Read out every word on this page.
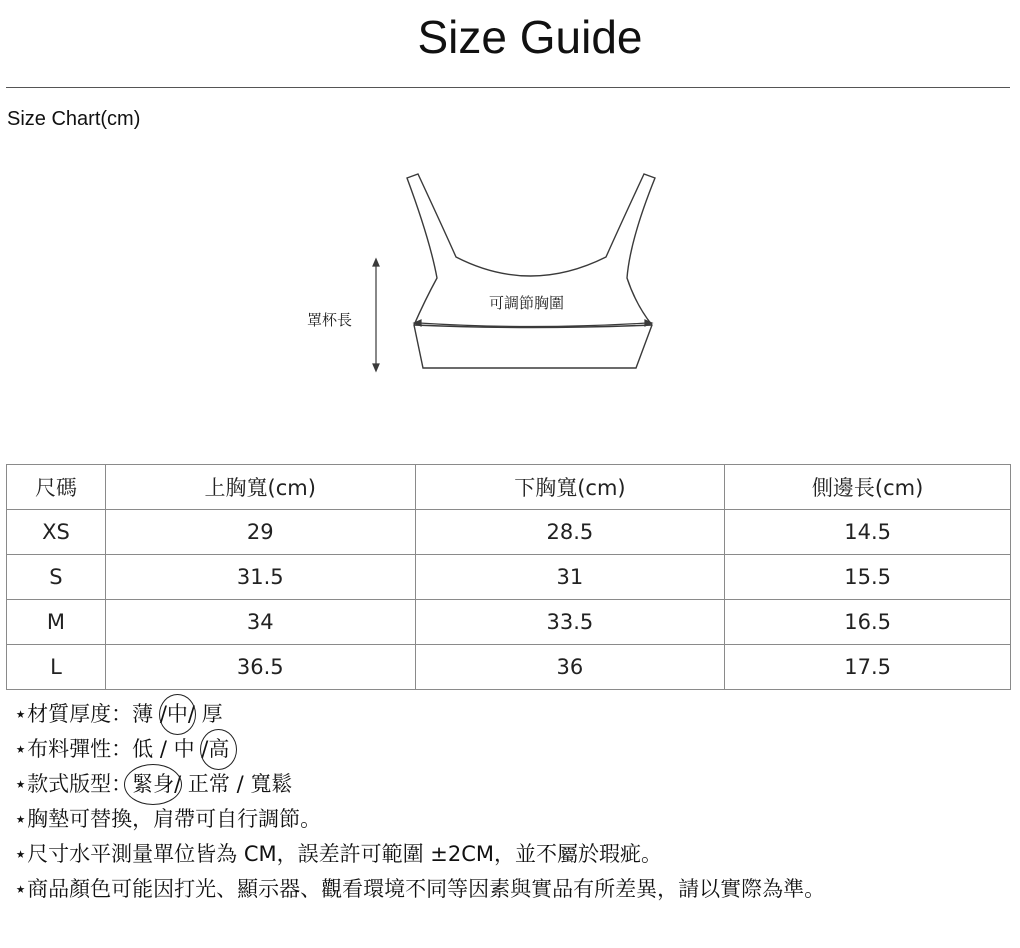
Size Guide
Size Chart(cm)
罩杯長
可調節胸圍
尺碼	上胸寬(cm)	下胸寬(cm)	側邊長(cm)
XS	29	28.5	14.5
S	31.5	31	15.5
M	34	33.5	16.5
L	36.5	36	17.5
⋆材質厚度：薄 /中/ 厚
⋆布料彈性：低 / 中 /高
⋆款式版型：緊身/ 正常 / 寬鬆
⋆胸墊可替換，肩帶可自行調節。
⋆尺寸水平測量單位皆為 CM，誤差許可範圍 ±2CM，並不屬於瑕疵。
⋆商品顏色可能因打光、顯示器、觀看環境不同等因素與實品有所差異，請以實際為準。
